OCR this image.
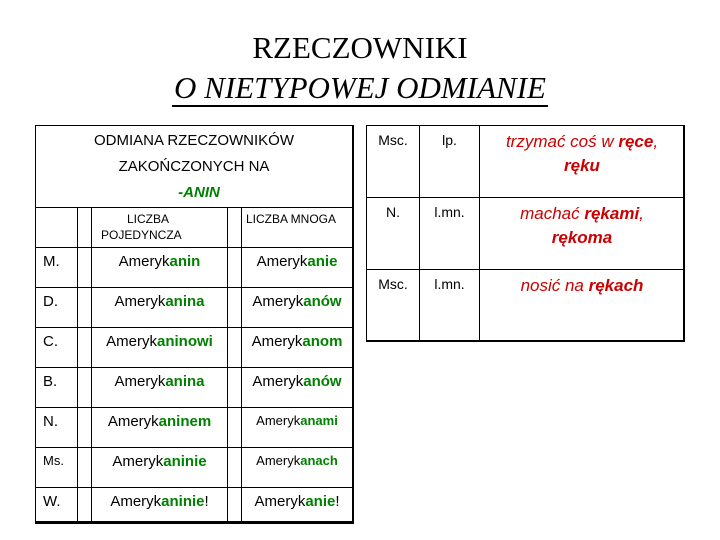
RZECZOWNIKI
O NIETYPOWEJ ODMIANIE
ODMIANA RZECZOWNIKÓW
ZAKOŃCZONYCH NA
-ANIN
LICZBA
POJEDYNCZA
LICZBA MNOGA
M.	Amerykanin	Amerykanie
D.	Amerykanina	Amerykanów
C.	Amerykaninowi	Amerykanom
B.	Amerykanina	Amerykanów
N.	Amerykaninem	Amerykanami
Ms.	Amerykaninie	Amerykanach
W.	Amerykaninie!	Amerykanie!
Msc.	lp.	trzymać coś w ręce,
ręku
N.	l.mn.	machać rękami,
rękoma
Msc.	l.mn.	nosić na rękach
